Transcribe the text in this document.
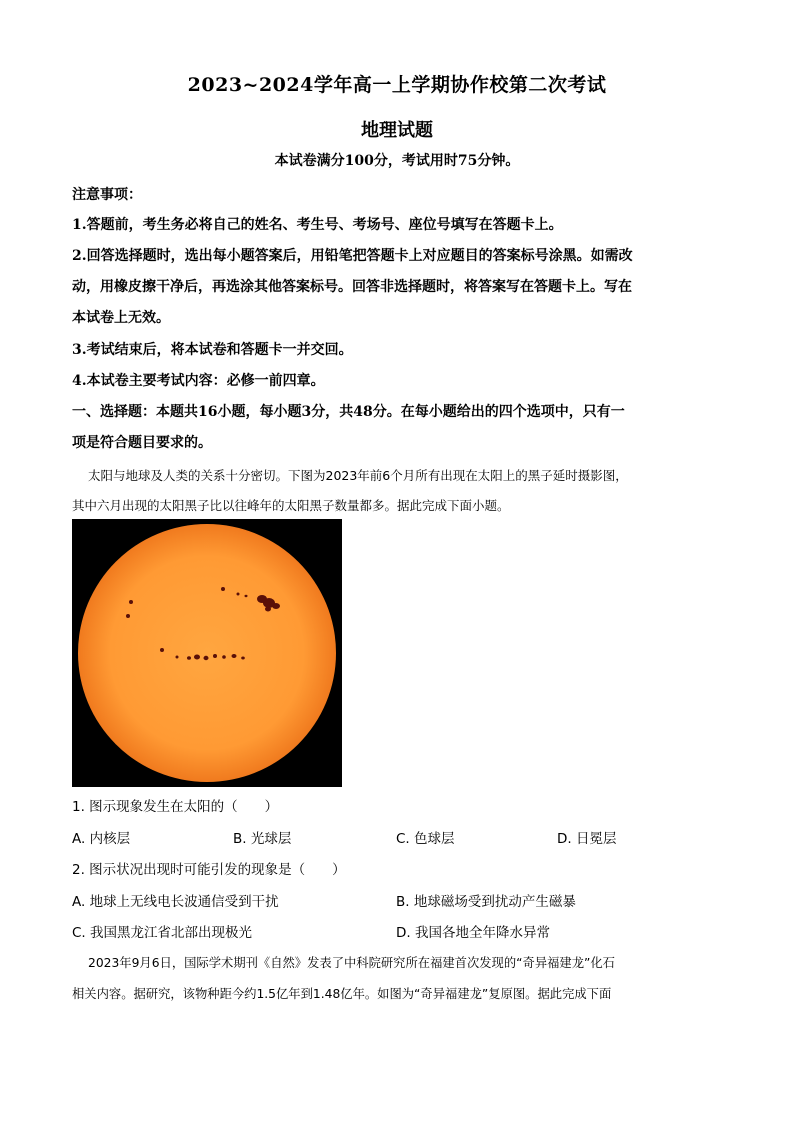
2023~2024学年高一上学期协作校第二次考试
地理试题
本试卷满分100分，考试用时75分钟。
注意事项：
1.答题前，考生务必将自己的姓名、考生号、考场号、座位号填写在答题卡上。
2.回答选择题时，选出每小题答案后，用铅笔把答题卡上对应题目的答案标号涂黑。如需改
动，用橡皮擦干净后，再选涂其他答案标号。回答非选择题时，将答案写在答题卡上。写在
本试卷上无效。
3.考试结束后，将本试卷和答题卡一并交回。
4.本试卷主要考试内容：必修一前四章。
一、选择题：本题共16小题，每小题3分，共48分。在每小题给出的四个选项中，只有一
项是符合题目要求的。
太阳与地球及人类的关系十分密切。下图为2023年前6个月所有出现在太阳上的黑子延时摄影图，
其中六月出现的太阳黑子比以往峰年的太阳黑子数量都多。据此完成下面小题。
1. 图示现象发生在太阳的（　　）
A. 内核层	B. 光球层	C. 色球层	D. 日冕层
2. 图示状况出现时可能引发的现象是（　　）
A. 地球上无线电长波通信受到干扰	B. 地球磁场受到扰动产生磁暴
C. 我国黑龙江省北部出现极光	D. 我国各地全年降水异常
2023年9月6日，国际学术期刊《自然》发表了中科院研究所在福建首次发现的“奇异福建龙”化石
相关内容。据研究，该物种距今约1.5亿年到1.48亿年。如图为“奇异福建龙”复原图。据此完成下面
